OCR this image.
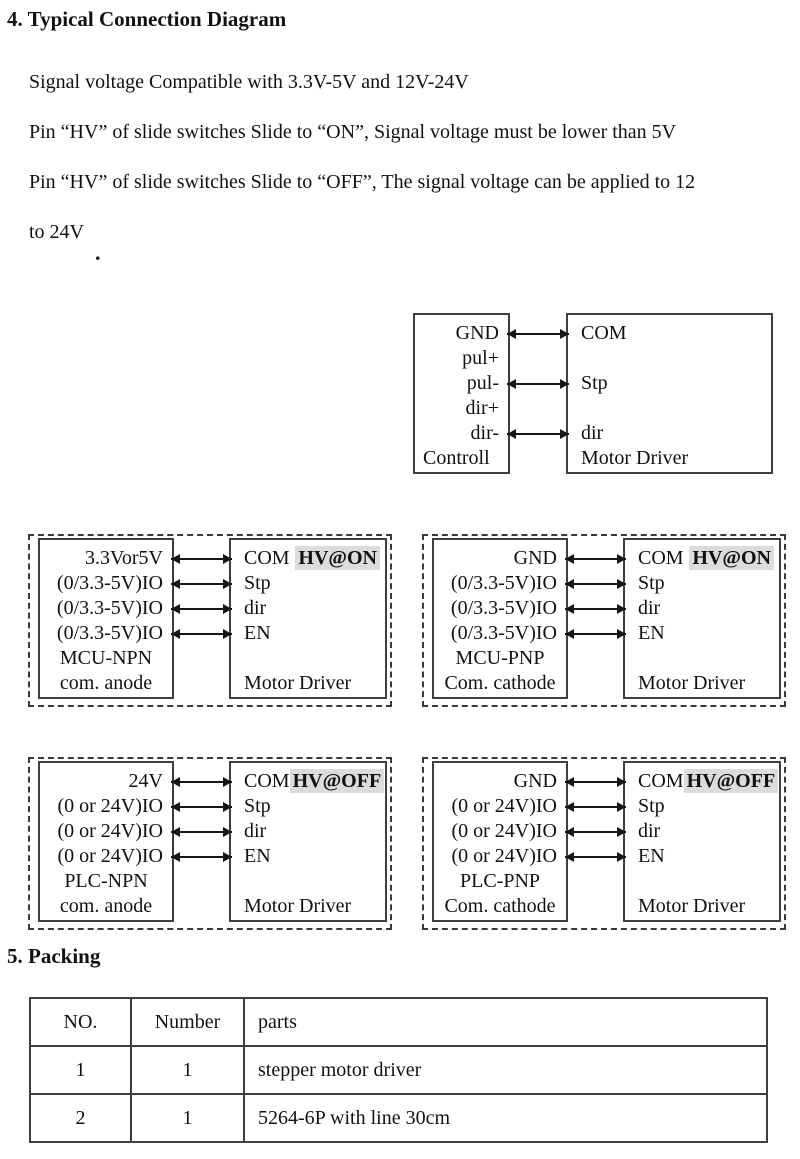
4. Typical Connection Diagram

Signal voltage Compatible with 3.3V-5V and 12V-24V

Pin “HV” of slide switches Slide to “ON”, Signal voltage must be lower than 5V

Pin “HV” of slide switches Slide to “OFF”, The signal voltage can be applied to 12

to 24V

.
GND
pul+
pul-
dir+
dir-
Controll
COM
Stp
dir
Motor Driver
3.3Vor5V
(0/3.3-5V)IO
(0/3.3-5V)IO
(0/3.3-5V)IO
MCU-NPN
com. anode
COM HV@ON
Stp
dir
EN
Motor Driver
GND
(0/3.3-5V)IO
(0/3.3-5V)IO
(0/3.3-5V)IO
MCU-PNP
Com. cathode
COM HV@ON
Stp
dir
EN
Motor Driver
24V
(0 or 24V)IO
(0 or 24V)IO
(0 or 24V)IO
PLC-NPN
com. anode
COM HV@OFF
Stp
dir
EN
Motor Driver
GND
(0 or 24V)IO
(0 or 24V)IO
(0 or 24V)IO
PLC-PNP
Com. cathode
COM HV@OFF
Stp
dir
EN
Motor Driver
5. Packing
NO.	Number	parts
1	1	stepper motor driver
2	1	5264-6P with line 30cm
